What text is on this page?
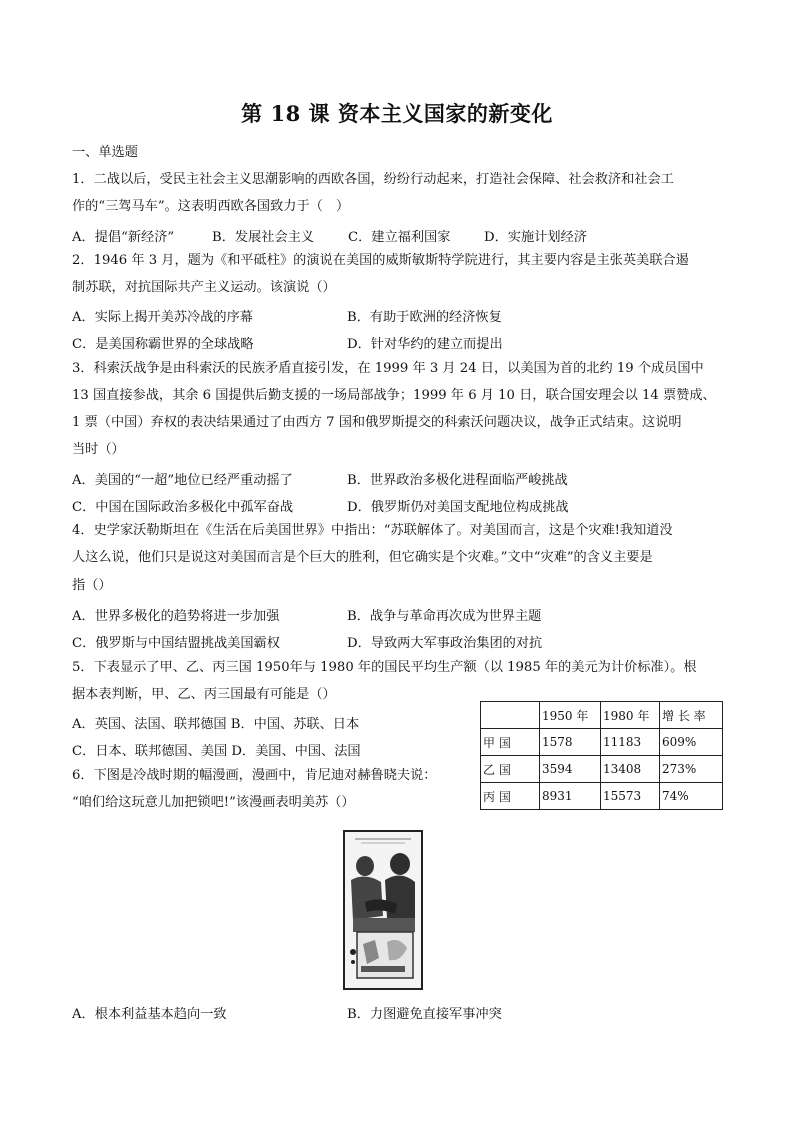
第 18 课 资本主义国家的新变化
一、单选题
1．二战以后，受民主社会主义思潮影响的西欧各国，纷纷行动起来，打造社会保障、社会救济和社会工
作的“三驾马车”。这表明西欧各国致力于（　）
A．提倡“新经济”	B．发展社会主义	C．建立福利国家	D．实施计划经济
2．1946 年 3 月，题为《和平砥柱》的演说在美国的威斯敏斯特学院进行，其主要内容是主张英美联合遏
制苏联，对抗国际共产主义运动。该演说（）
A．实际上揭开美苏冷战的序幕	B．有助于欧洲的经济恢复
C．是美国称霸世界的全球战略	D．针对华约的建立而提出
3．科索沃战争是由科索沃的民族矛盾直接引发，在 1999 年 3 月 24 日，以美国为首的北约 19 个成员国中
13 国直接参战，其余 6 国提供后勤支援的一场局部战争；1999 年 6 月 10 日，联合国安理会以 14 票赞成、
1 票（中国）弃权的表决结果通过了由西方 7 国和俄罗斯提交的科索沃问题决议，战争正式结束。这说明
当时（）
A．美国的“一超”地位已经严重动摇了	B．世界政治多极化进程面临严峻挑战
C．中国在国际政治多极化中孤军奋战	D．俄罗斯仍对美国支配地位构成挑战
4．史学家沃勒斯坦在《生活在后美国世界》中指出：“苏联解体了。对美国而言，这是个灾难!我知道没
人这么说，他们只是说这对美国而言是个巨大的胜利，但它确实是个灾难。”文中“灾难”的含义主要是
指（）
A．世界多极化的趋势将进一步加强	B．战争与革命再次成为世界主题
C．俄罗斯与中国结盟挑战美国霸权	D．导致两大军事政治集团的对抗
5．下表显示了甲、乙、丙三国 1950年与 1980 年的国民平均生产额（以 1985 年的美元为计价标准）。根
据本表判断，甲、乙、丙三国最有可能是（）
A．英国、法国、联邦德国 B．中国、苏联、日本
C．日本、联邦德国、美国 D．美国、中国、法国
	1950 年	1980 年	增 长 率
甲 国	1578	11183	609%
乙 国	3594	13408	273%
丙 国	8931	15573	74%
6．下图是冷战时期的幅漫画，漫画中，肯尼迪对赫鲁晓夫说：
“咱们给这玩意儿加把锁吧!”该漫画表明美苏（）
A．根本利益基本趋向一致	B．力图避免直接军事冲突
